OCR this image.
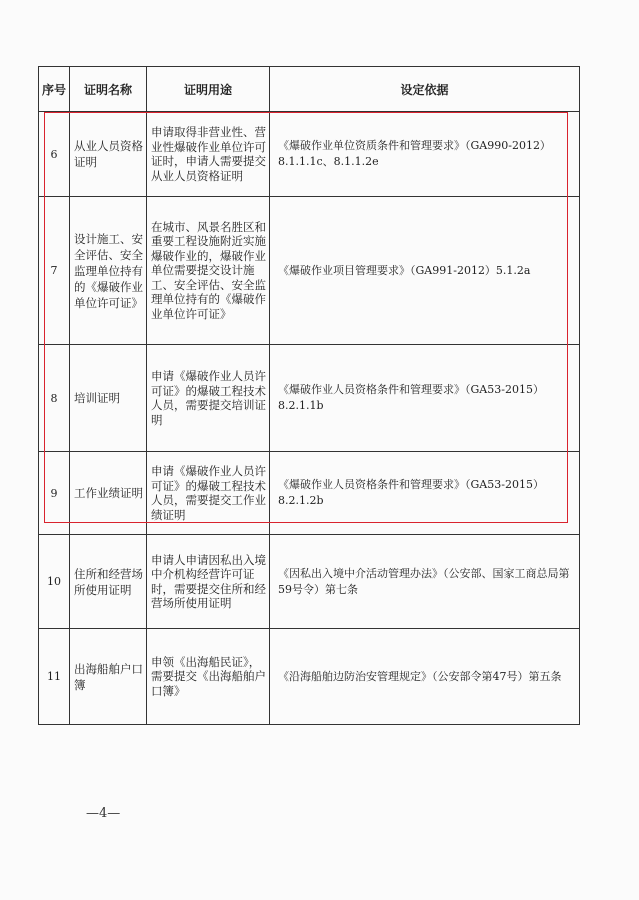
序号	证明名称	证明用途	设定依据
6	从业人员资格证明	申请取得非营业性、营业性爆破作业单位许可证时，申请人需要提交从业人员资格证明	《爆破作业单位资质条件和管理要求》（GA990-2012）8.1.1.1c、8.1.1.2e
7	设计施工、安全评估、安全监理单位持有的《爆破作业单位许可证》	在城市、风景名胜区和重要工程设施附近实施爆破作业的，爆破作业单位需要提交设计施工、安全评估、安全监理单位持有的《爆破作业单位许可证》	《爆破作业项目管理要求》（GA991-2012）5.1.2a
8	培训证明	申请《爆破作业人员许可证》的爆破工程技术人员，需要提交培训证明	《爆破作业人员资格条件和管理要求》（GA53-2015）8.2.1.1b
9	工作业绩证明	申请《爆破作业人员许可证》的爆破工程技术人员，需要提交工作业绩证明	《爆破作业人员资格条件和管理要求》（GA53-2015）8.2.1.2b
10	住所和经营场所使用证明	申请人申请因私出入境中介机构经营许可证时，需要提交住所和经营场所使用证明	《因私出入境中介活动管理办法》（公安部、国家工商总局第59号令）第七条
11	出海船舶户口簿	申领《出海船民证》，需要提交《出海船舶户口簿》	《沿海船舶边防治安管理规定》（公安部令第47号）第五条
—4—
